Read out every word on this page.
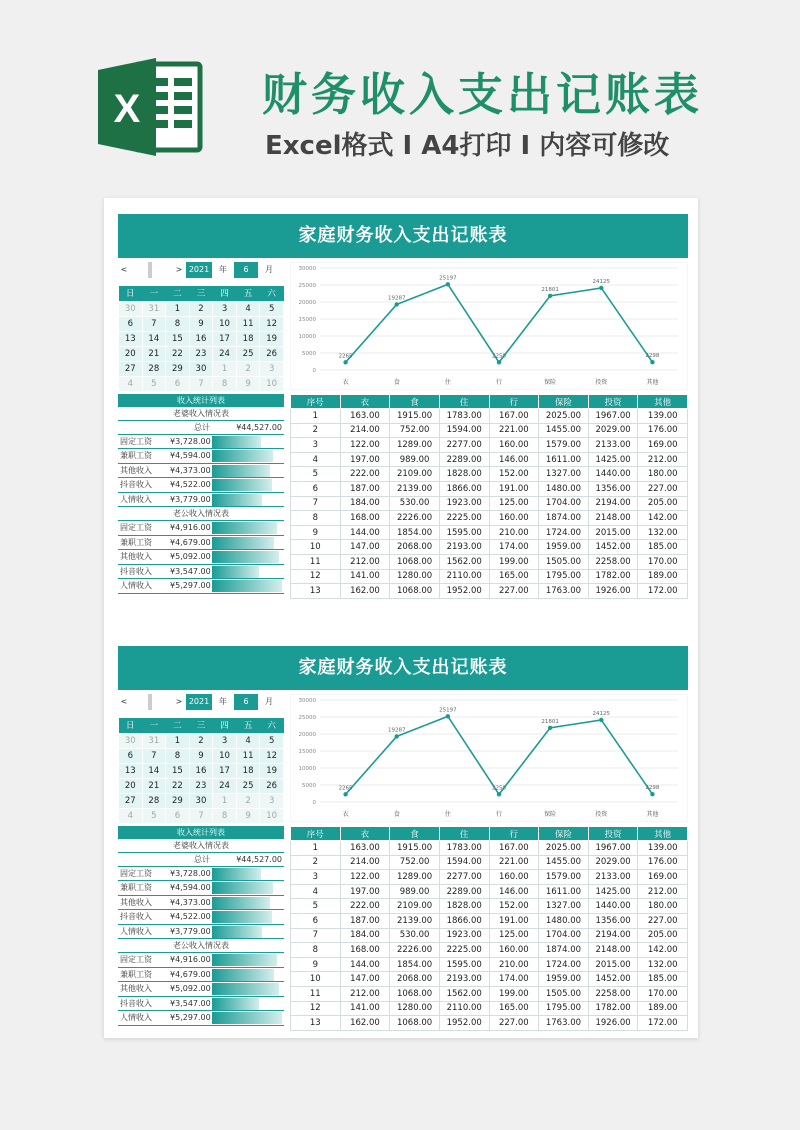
X	财务收入支出记账表
Excel格式 I A4打印 I 内容可修改
家庭财务收入支出记账表
<	> 2021	年	6	月
日	一	二	三	四	五	六
30	31	1	2	3	4	5
6	7	8	9	10	11	12
13	14	15	16	17	18	19
20	21	22	23	24	25	26
27	28	29	30	1	2	3
4	5	6	7	8	9	10
收入统计列表
老婆收入情况表
总计	¥44,527.00
固定工资 ¥3,728.00
兼职工资 ¥4,594.00
其他收入 ¥4,373.00
抖音收入 ¥4,522.00
人情收入 ¥3,779.00
老公收入情况表
固定工资 ¥4,916.00
兼职工资 ¥4,679.00
其他收入 ¥5,092.00
抖音收入 ¥3,547.00
人情收入 ¥5,297.00
30000
25000
20000
15000
10000
5000
0
2265
衣
19287
食
25197
住
2258
行
21801
保险
24125
投资
2298
其他
序号	衣	食	住	行	保险	投资	其他
1	163.00	1915.00	1783.00	167.00	2025.00	1967.00	139.00
2	214.00	752.00	1594.00	221.00	1455.00	2029.00	176.00
3	122.00	1289.00	2277.00	160.00	1579.00	2133.00	169.00
4	197.00	989.00	2289.00	146.00	1611.00	1425.00	212.00
5	222.00	2109.00	1828.00	152.00	1327.00	1440.00	180.00
6	187.00	2139.00	1866.00	191.00	1480.00	1356.00	227.00
7	184.00	530.00	1923.00	125.00	1704.00	2194.00	205.00
8	168.00	2226.00	2225.00	160.00	1874.00	2148.00	142.00
9	144.00	1854.00	1595.00	210.00	1724.00	2015.00	132.00
10	147.00	2068.00	2193.00	174.00	1959.00	1452.00	185.00
11	212.00	1068.00	1562.00	199.00	1505.00	2258.00	170.00
12	141.00	1280.00	2110.00	165.00	1795.00	1782.00	189.00
13	162.00	1068.00	1952.00	227.00	1763.00	1926.00	172.00
家庭财务收入支出记账表
<	> 2021	年	6	月
日	一	二	三	四	五	六
30	31	1	2	3	4	5
6	7	8	9	10	11	12
13	14	15	16	17	18	19
20	21	22	23	24	25	26
27	28	29	30	1	2	3
4	5	6	7	8	9	10
收入统计列表
老婆收入情况表
总计	¥44,527.00
固定工资 ¥3,728.00
兼职工资 ¥4,594.00
其他收入 ¥4,373.00
抖音收入 ¥4,522.00
人情收入 ¥3,779.00
老公收入情况表
固定工资 ¥4,916.00
兼职工资 ¥4,679.00
其他收入 ¥5,092.00
抖音收入 ¥3,547.00
人情收入 ¥5,297.00
30000
25000
20000
15000
10000
5000
0
2265
衣
19287
食
25197
住
2258
行
21801
保险
24125
投资
2298
其他
序号	衣	食	住	行	保险	投资	其他
1	163.00	1915.00	1783.00	167.00	2025.00	1967.00	139.00
2	214.00	752.00	1594.00	221.00	1455.00	2029.00	176.00
3	122.00	1289.00	2277.00	160.00	1579.00	2133.00	169.00
4	197.00	989.00	2289.00	146.00	1611.00	1425.00	212.00
5	222.00	2109.00	1828.00	152.00	1327.00	1440.00	180.00
6	187.00	2139.00	1866.00	191.00	1480.00	1356.00	227.00
7	184.00	530.00	1923.00	125.00	1704.00	2194.00	205.00
8	168.00	2226.00	2225.00	160.00	1874.00	2148.00	142.00
9	144.00	1854.00	1595.00	210.00	1724.00	2015.00	132.00
10	147.00	2068.00	2193.00	174.00	1959.00	1452.00	185.00
11	212.00	1068.00	1562.00	199.00	1505.00	2258.00	170.00
12	141.00	1280.00	2110.00	165.00	1795.00	1782.00	189.00
13	162.00	1068.00	1952.00	227.00	1763.00	1926.00	172.00
